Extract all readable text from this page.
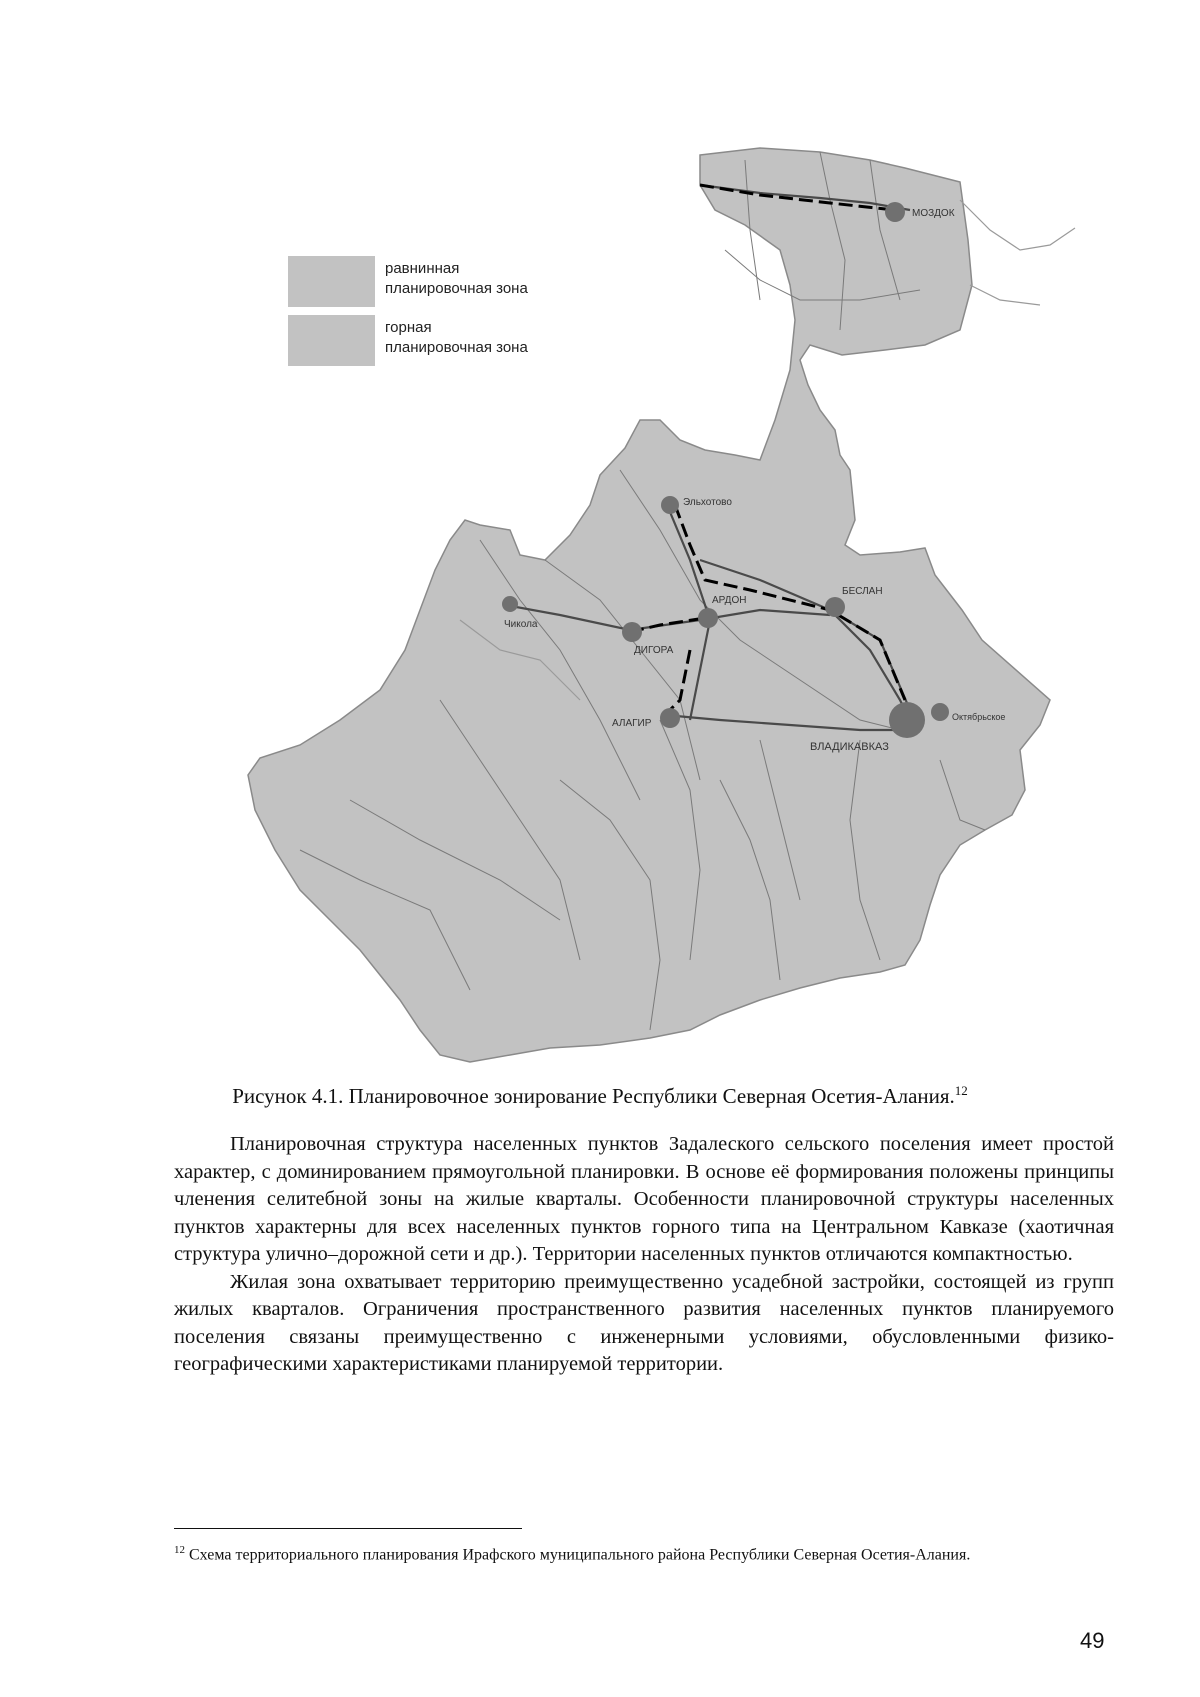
МОЗДОК
Эльхотово
Чикола
ДИГОРА
АРДОН
БЕСЛАН
АЛАГИР
ВЛАДИКАВКАЗ
Октябрьское
равнинная
планировочная зона
горная
планировочная зона
Рисунок 4.1. Планировочное зонирование Республики Северная Осетия-Алания.$^{12}$

Планировочная структура населенных пунктов Задалеского сельского поселения имеет простой характер, с доминированием прямоугольной планировки. В основе её формирования положены принципы членения селитебной зоны на жилые кварталы. Особенности планировочной структуры населенных пунктов характерны для всех населенных пунктов горного типа на Центральном Кавказе (хаотичная структура улично–дорожной сети и др.). Территории населенных пунктов отличаются компактностью.

Жилая зона охватывает территорию преимущественно усадебной застройки, состоящей из групп жилых кварталов. Ограничения пространственного развития населенных пунктов планируемого поселения связаны преимущественно с инженерными условиями, обусловленными физико-географическими характеристиками планируемой территории.

$^{12}$ Схема территориального планирования Ирафского муниципального района Республики Северная Осетия-Алания.
49
